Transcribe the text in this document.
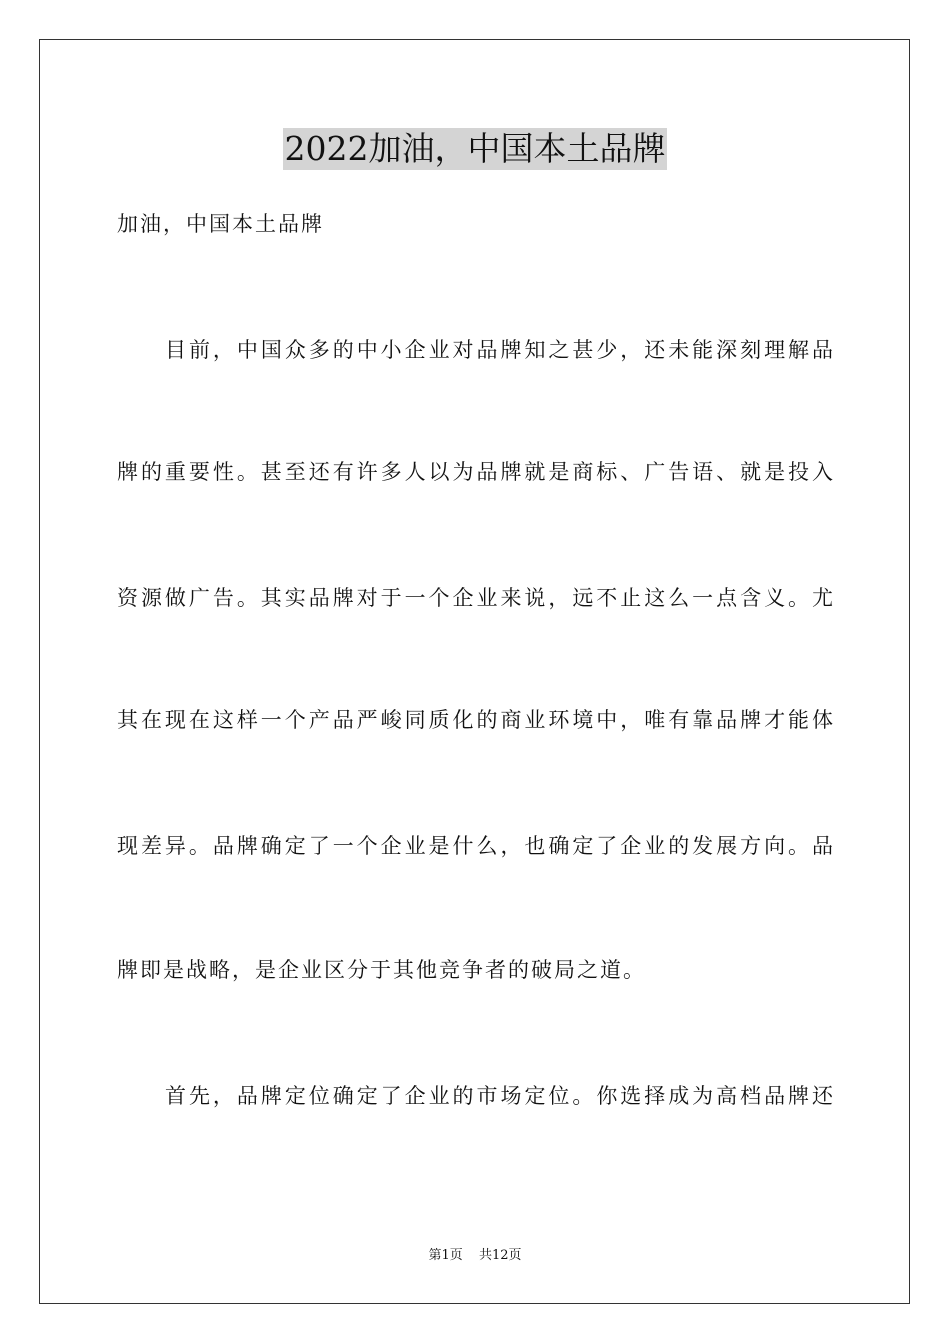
2022加油，中国本土品牌
加油，中国本土品牌
目前，中国众多的中小企业对品牌知之甚少，还未能深刻理解品
牌的重要性。甚至还有许多人以为品牌就是商标、广告语、就是投入
资源做广告。其实品牌对于一个企业来说，远不止这么一点含义。尤
其在现在这样一个产品严峻同质化的商业环境中，唯有靠品牌才能体
现差异。品牌确定了一个企业是什么，也确定了企业的发展方向。品
牌即是战略，是企业区分于其他竞争者的破局之道。
首先，品牌定位确定了企业的市场定位。你选择成为高档品牌还
第1页 共12页
